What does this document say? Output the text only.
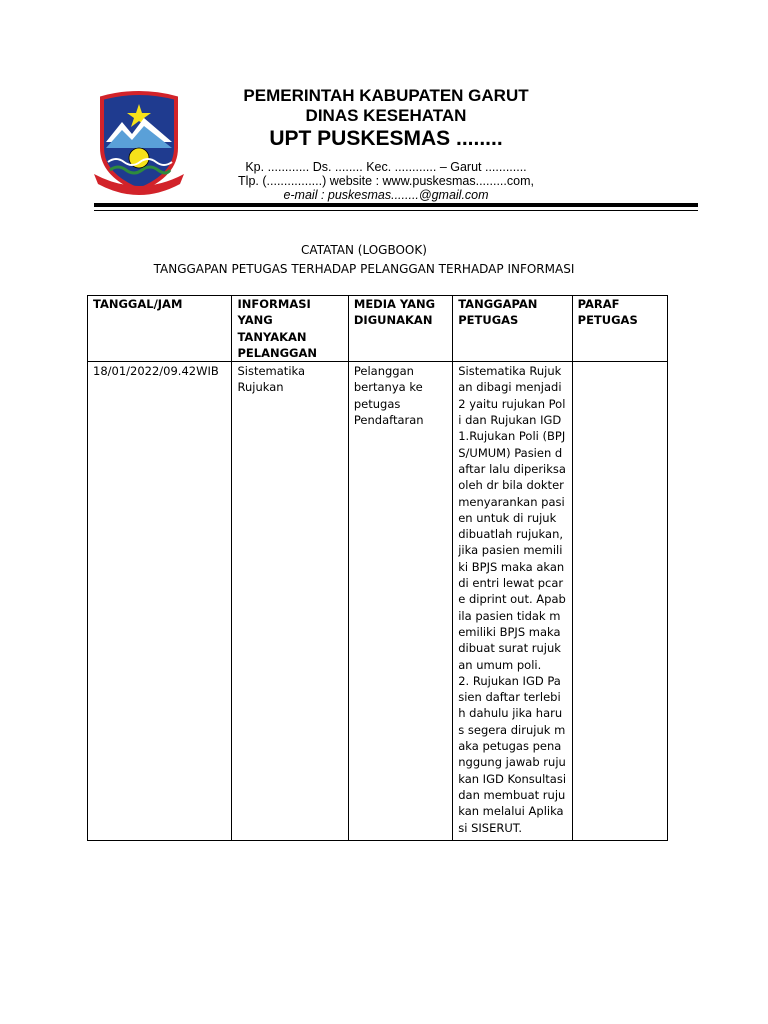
PEMERINTAH KABUPATEN GARUT
DINAS KESEHATAN
UPT PUSKESMAS ........
Kp. ............ Ds. ........ Kec. ............ – Garut ............
Tlp. (................) website : www.puskesmas.........com,
e-mail : puskesmas........@gmail.com
CATATAN (LOGBOOK)
TANGGAPAN PETUGAS TERHADAP PELANGGAN TERHADAP INFORMASI
TANGGAL/JAM	INFORMASI YANG TANYAKAN PELANGGAN	MEDIA YANG DIGUNAKAN	TANGGAPAN PETUGAS	PARAF PETUGAS
18/01/2022/09.42WIB	Sistematika Rujukan	Pelanggan bertanya ke petugas Pendaftaran	Sistematika Rujukan dibagi menjadi 2 yaitu rujukan Poli dan Rujukan IGD
1.Rujukan Poli (BPJS/UMUM) Pasien daftar lalu diperiksa oleh dr bila dokter menyarankan pasien untuk di rujuk dibuatlah rujukan, jika pasien memiliki BPJS maka akan di entri lewat pcare diprint out. Apabila pasien tidak memiliki BPJS maka dibuat surat rujukan umum poli.
2. Rujukan IGD Pasien daftar terlebih dahulu jika harus segera dirujuk maka petugas penanggung jawab rujukan IGD Konsultasi dan membuat rujukan melalui Aplikasi SISERUT.	
